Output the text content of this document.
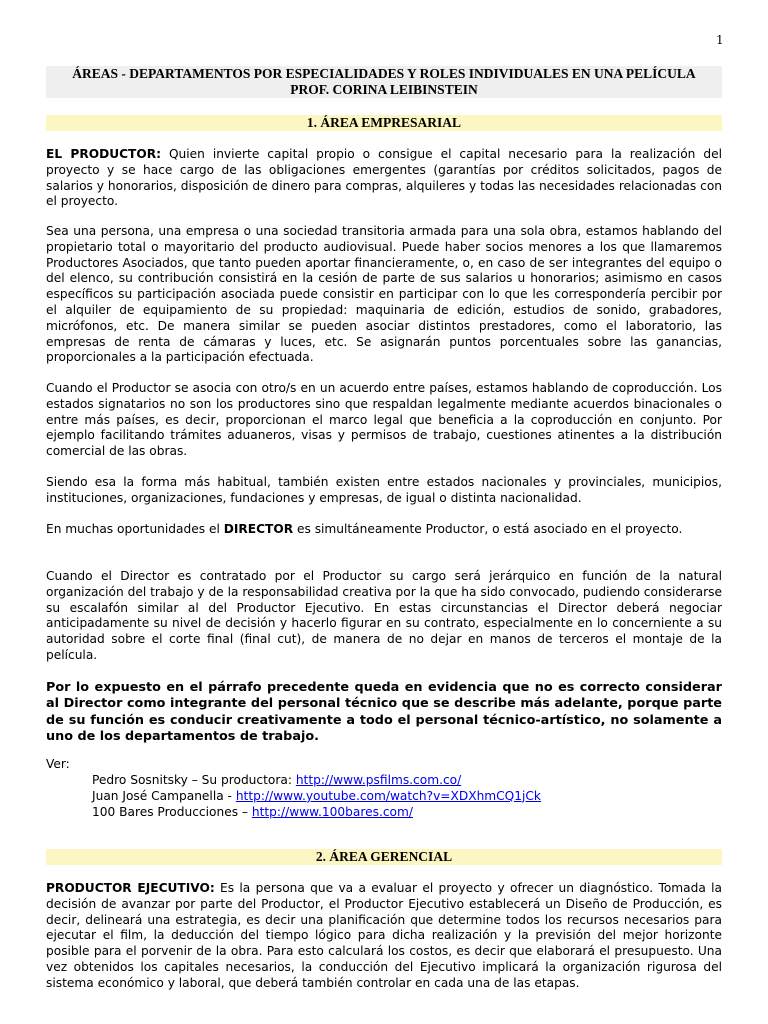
1
ÁREAS - DEPARTAMENTOS POR ESPECIALIDADES Y ROLES INDIVIDUALES EN UNA PELÍCULA
PROF. CORINA LEIBINSTEIN
1. ÁREA EMPRESARIAL

EL PRODUCTOR: Quien invierte capital propio o consigue el capital necesario para la realización del proyecto y se hace cargo de las obligaciones emergentes (garantías por créditos solicitados, pagos de salarios y honorarios, disposición de dinero para compras, alquileres y todas las necesidades relacionadas con el proyecto.

Sea una persona, una empresa o una sociedad transitoria armada para una sola obra, estamos hablando del propietario total o mayoritario del producto audiovisual. Puede haber socios menores a los que llamaremos Productores Asociados, que tanto pueden aportar financieramente, o, en caso de ser integrantes del equipo o del elenco, su contribución consistirá en la cesión de parte de sus salarios u honorarios; asimismo en casos específicos su participación asociada puede consistir en participar con lo que les correspondería percibir por el alquiler de equipamiento de su propiedad: maquinaria de edición, estudios de sonido, grabadores, micrófonos, etc. De manera similar se pueden asociar distintos prestadores, como el laboratorio, las empresas de renta de cámaras y luces, etc. Se asignarán puntos porcentuales sobre las ganancias, proporcionales a la participación efectuada.

Cuando el Productor se asocia con otro/s en un acuerdo entre países, estamos hablando de coproducción. Los estados signatarios no son los productores sino que respaldan legalmente mediante acuerdos binacionales o entre más países, es decir, proporcionan el marco legal que beneficia a la coproducción en conjunto. Por ejemplo facilitando trámites aduaneros, visas y permisos de trabajo, cuestiones atinentes a la distribución comercial de las obras.

Siendo esa la forma más habitual, también existen entre estados nacionales y provinciales, municipios, instituciones, organizaciones, fundaciones y empresas, de igual o distinta nacionalidad.

En muchas oportunidades el DIRECTOR es simultáneamente Productor, o está asociado en el proyecto.

Cuando el Director es contratado por el Productor su cargo será jerárquico en función de la natural organización del trabajo y de la responsabilidad creativa por la que ha sido convocado, pudiendo considerarse su escalafón similar al del Productor Ejecutivo. En estas circunstancias el Director deberá negociar anticipadamente su nivel de decisión y hacerlo figurar en su contrato, especialmente en lo concerniente a su autoridad sobre el corte final (final cut), de manera de no dejar en manos de terceros el montaje de la película.

Por lo expuesto en el párrafo precedente queda en evidencia que no es correcto considerar al Director como integrante del personal técnico que se describe más adelante, porque parte de su función es conducir creativamente a todo el personal técnico-artístico, no solamente a uno de los departamentos de trabajo.

Ver:
Pedro Sosnitsky – Su productora: http://www.psfilms.com.co/
Juan José Campanella - http://www.youtube.com/watch?v=XDXhmCQ1jCk
100 Bares Producciones – http://www.100bares.com/
2. ÁREA GERENCIAL

PRODUCTOR EJECUTIVO: Es la persona que va a evaluar el proyecto y ofrecer un diagnóstico. Tomada la decisión de avanzar por parte del Productor, el Productor Ejecutivo establecerá un Diseño de Producción, es decir, delineará una estrategia, es decir una planificación que determine todos los recursos necesarios para ejecutar el film, la deducción del tiempo lógico para dicha realización y la previsión del mejor horizonte posible para el porvenir de la obra. Para esto calculará los costos, es decir que elaborará el presupuesto. Una vez obtenidos los capitales necesarios, la conducción del Ejecutivo implicará la organización rigurosa del sistema económico y laboral, que deberá también controlar en cada una de las etapas.
